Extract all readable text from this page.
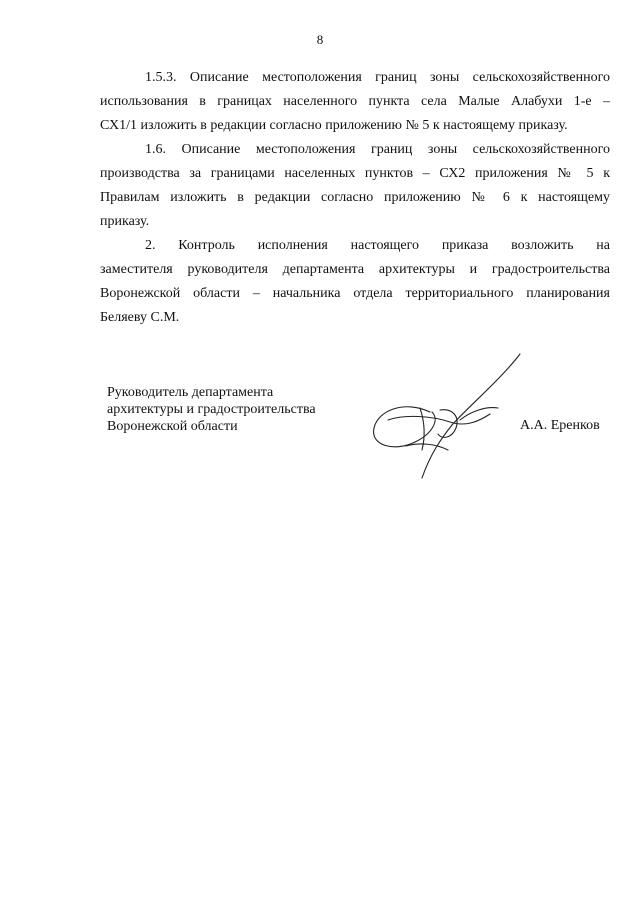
8
1.5.3. Описание местоположения границ зоны сельскохозяйственного
использования в границах населенного пункта села Малые Алабухи 1-е –
СХ1/1 изложить в редакции согласно приложению № 5 к настоящему приказу.
1.6. Описание местоположения границ зоны сельскохозяйственного
производства за границами населенных пунктов – СХ2 приложения № 5 к
Правилам изложить в редакции согласно приложению № 6 к настоящему
приказу.
2. Контроль исполнения настоящего приказа возложить на
заместителя руководителя департамента архитектуры и градостроительства
Воронежской области – начальника отдела территориального планирования
Беляеву С.М.
Руководитель департамента
архитектуры и градостроительства
Воронежской области	А.А. Еренков
